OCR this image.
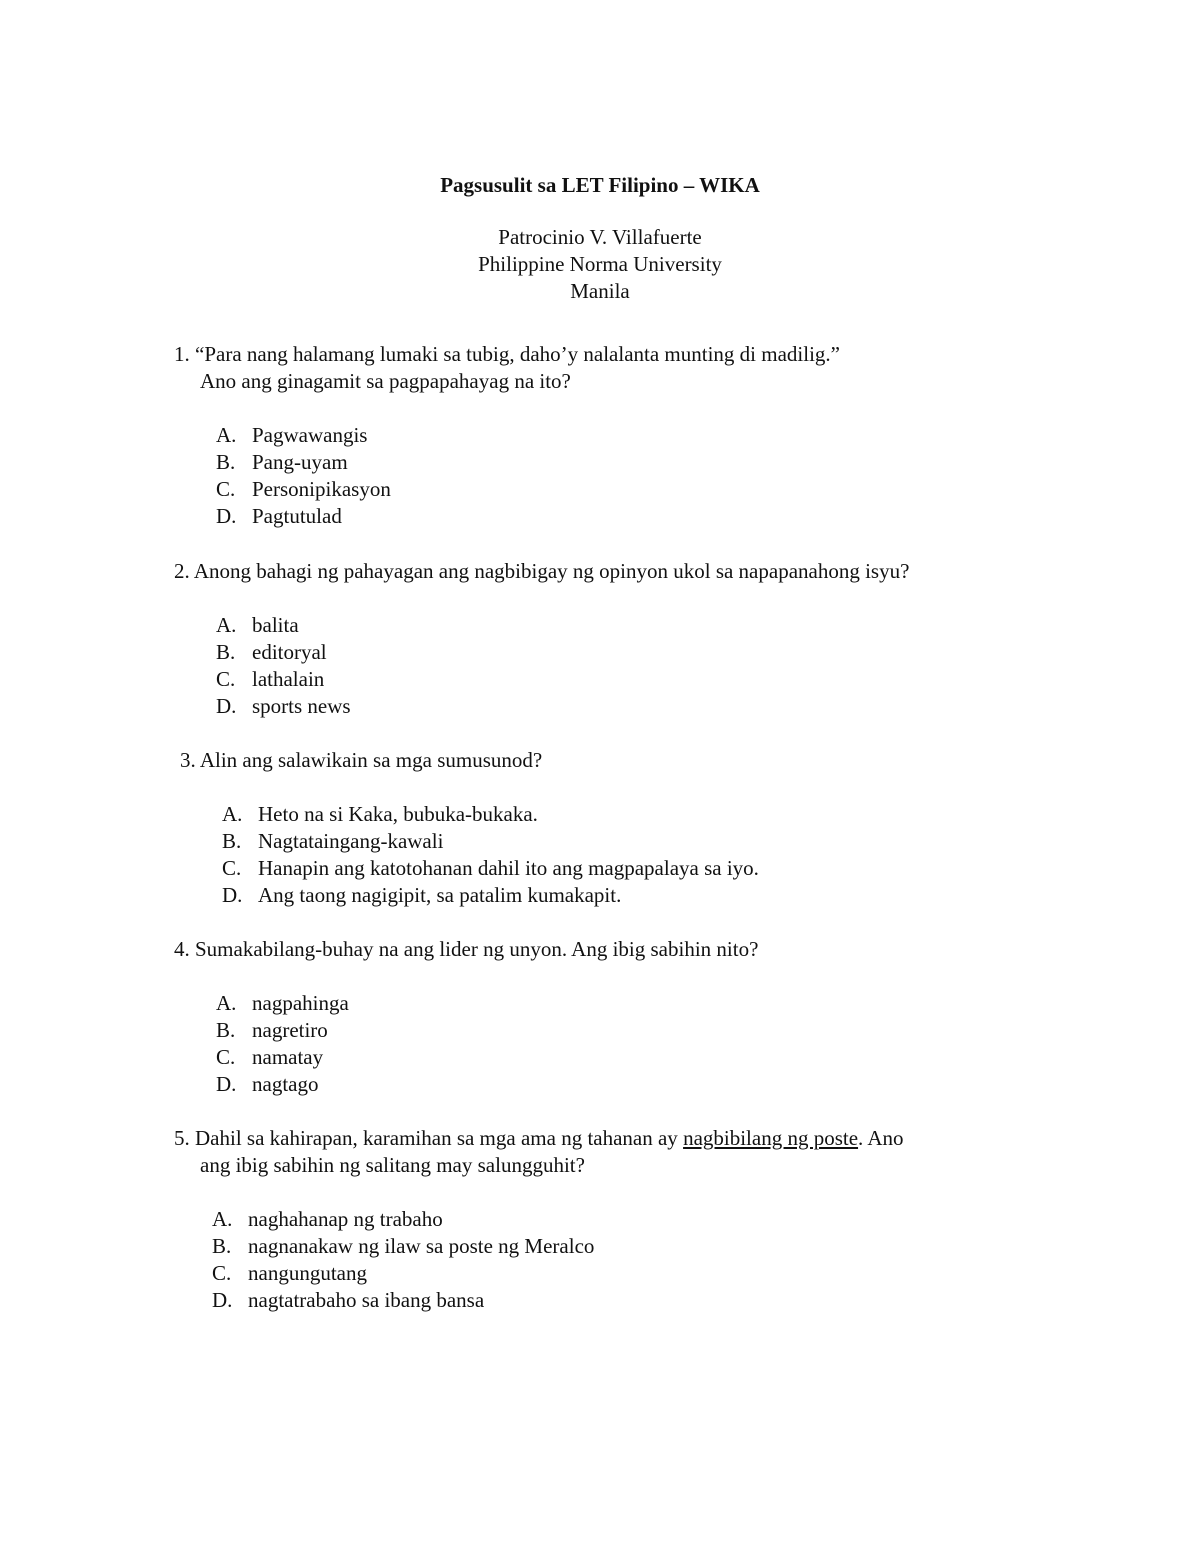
Pagsusulit sa LET Filipino – WIKA
Patrocinio V. Villafuerte
Philippine Norma University
Manila
1. “Para nang halamang lumaki sa tubig, daho’y nalalanta munting di madilig.”
Ano ang ginagamit sa pagpapahayag na ito?
A. Pagwawangis
B. Pang-uyam
C. Personipikasyon
D. Pagtutulad
2. Anong bahagi ng pahayagan ang nagbibigay ng opinyon ukol sa napapanahong isyu?
A. balita
B. editoryal
C. lathalain
D. sports news
3. Alin ang salawikain sa mga sumusunod?
A. Heto na si Kaka, bubuka-bukaka.
B. Nagtataingang-kawali
C. Hanapin ang katotohanan dahil ito ang magpapalaya sa iyo.
D. Ang taong nagigipit, sa patalim kumakapit.
4. Sumakabilang-buhay na ang lider ng unyon. Ang ibig sabihin nito?
A. nagpahinga
B. nagretiro
C. namatay
D. nagtago
5. Dahil sa kahirapan, karamihan sa mga ama ng tahanan ay nagbibilang ng poste. Ano
ang ibig sabihin ng salitang may salungguhit?
A. naghahanap ng trabaho
B. nagnanakaw ng ilaw sa poste ng Meralco
C. nangungutang
D. nagtatrabaho sa ibang bansa
